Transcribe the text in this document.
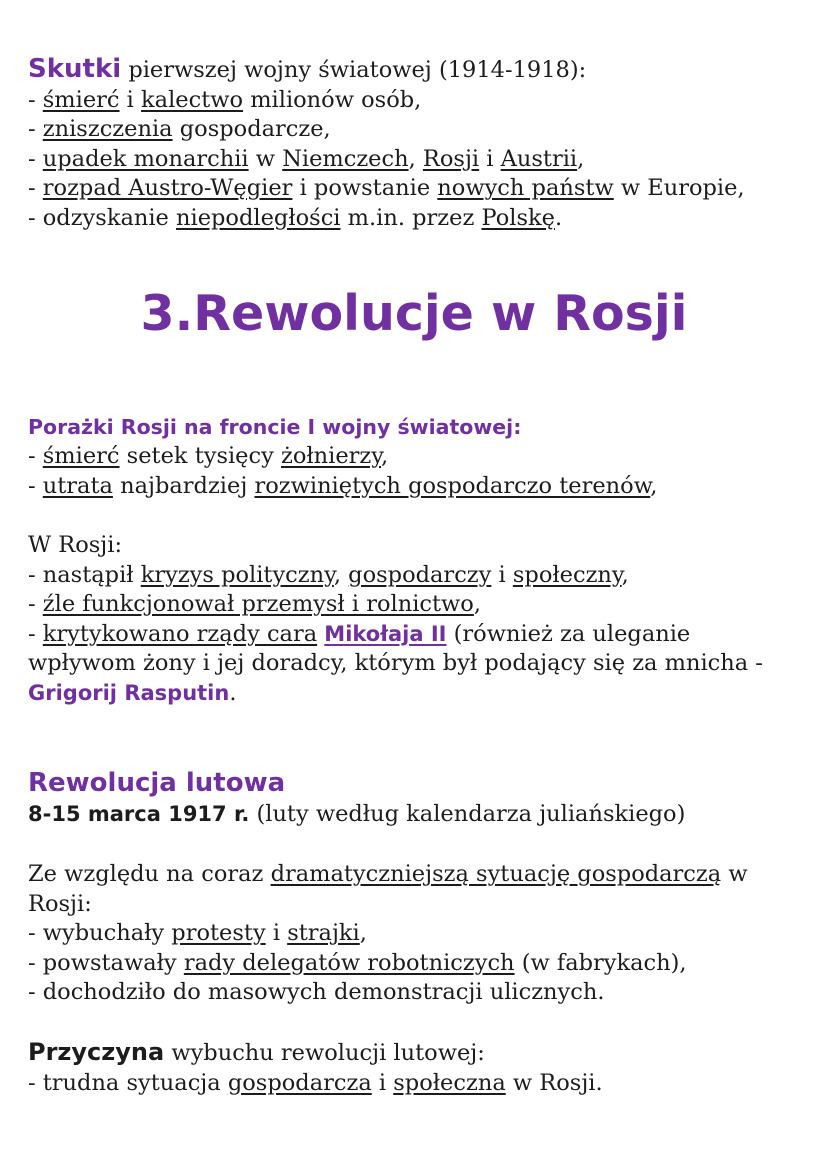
Skutki pierwszej wojny światowej (1914-1918):
- śmierć i kalectwo milionów osób,
- zniszczenia gospodarcze,
- upadek monarchii w Niemczech, Rosji i Austrii,
- rozpad Austro-Węgier i powstanie nowych państw w Europie,
- odzyskanie niepodległości m.in. przez Polskę.
3.Rewolucje w Rosji
Porażki Rosji na froncie I wojny światowej:
- śmierć setek tysięcy żołnierzy,
- utrata najbardziej rozwiniętych gospodarczo terenów,
W Rosji:
- nastąpił kryzys polityczny, gospodarczy i społeczny,
- źle funkcjonował przemysł i rolnictwo,
- krytykowano rządy cara Mikołaja II (również za uleganie wpływom żony i jej doradcy, którym był podający się za mnicha - Grigorij Rasputin.
Rewolucja lutowa
8-15 marca 1917 r. (luty według kalendarza juliańskiego)
Ze względu na coraz dramatyczniejszą sytuację gospodarczą w Rosji:
- wybuchały protesty i strajki,
- powstawały rady delegatów robotniczych (w fabrykach),
- dochodziło do masowych demonstracji ulicznych.
Przyczyna wybuchu rewolucji lutowej:
- trudna sytuacja gospodarcza i społeczna w Rosji.
